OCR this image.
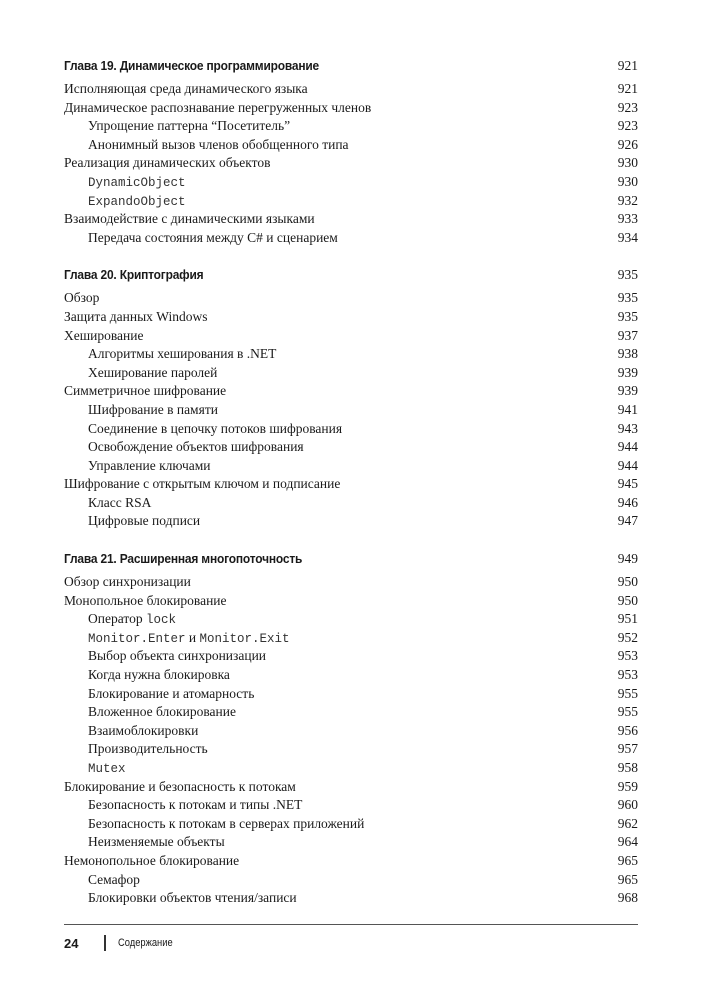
Глава 19. Динамическое программирование	921
Исполняющая среда динамического языка	921
Динамическое распознавание перегруженных членов	923
Упрощение паттерна “Посетитель”	923
Анонимный вызов членов обобщенного типа	926
Реализация динамических объектов	930
DynamicObject	930
ExpandoObject	932
Взаимодействие с динамическими языками	933
Передача состояния между C# и сценарием	934
Глава 20. Криптография	935
Обзор	935
Защита данных Windows	935
Хеширование	937
Алгоритмы хеширования в .NET	938
Хеширование паролей	939
Симметричное шифрование	939
Шифрование в памяти	941
Соединение в цепочку потоков шифрования	943
Освобождение объектов шифрования	944
Управление ключами	944
Шифрование с открытым ключом и подписание	945
Класс RSA	946
Цифровые подписи	947
Глава 21. Расширенная многопоточность	949
Обзор синхронизации	950
Монопольное блокирование	950
Оператор lock	951
Monitor.Enter и Monitor.Exit	952
Выбор объекта синхронизации	953
Когда нужна блокировка	953
Блокирование и атомарность	955
Вложенное блокирование	955
Взаимоблокировки	956
Производительность	957
Mutex	958
Блокирование и безопасность к потокам	959
Безопасность к потокам и типы .NET	960
Безопасность к потокам в серверах приложений	962
Неизменяемые объекты	964
Немонопольное блокирование	965
Семафор	965
Блокировки объектов чтения/записи	968
24	Содержание
